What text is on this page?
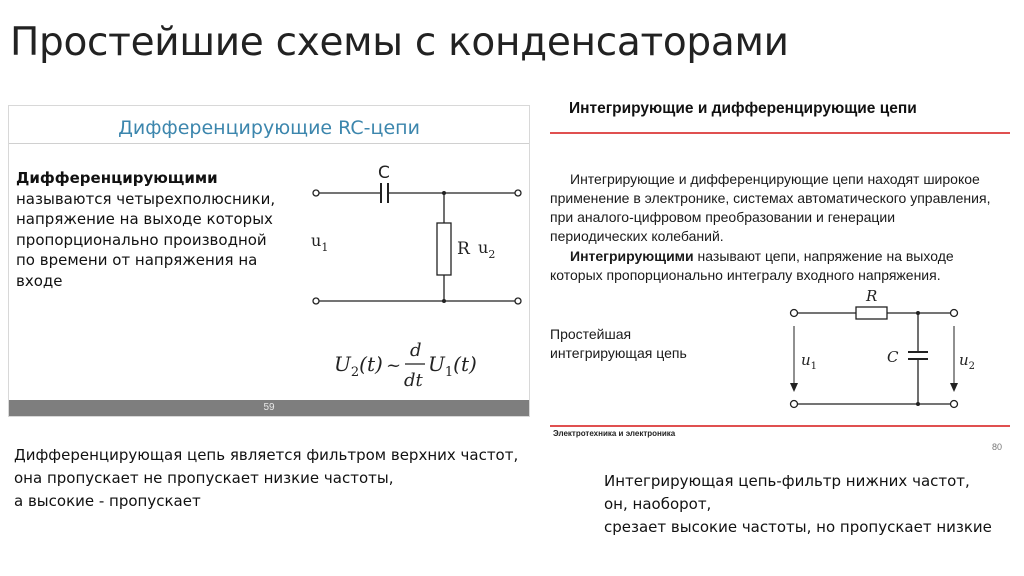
Простейшие схемы с конденсаторами
Дифференцирующие RC-цепи
Дифференцирующими называются четырехполюсники, напряжение на выходе которых пропорционально производной по времени от напряжения на входе
C
R
$u_1$	$u_2$
$U_2(t)$ ~
d
dt
$U_1(t)$
59
Интегрирующие и дифференцирующие цепи
Интегрирующие и дифференцирующие цепи находят широкое применение в электронике, системах автоматического управления, при аналого-цифровом преобразовании и генерации периодических колебаний.
Интегрирующими называют цепи, напряжение на выходе которых пропорционально интегралу входного напряжения.
Простейшая интегрирующая цепь
R
C
$u_1$	$u_2$
Электротехника и электроника
80
Дифференцирующая цепь является фильтром верхних частот,
она пропускает не пропускает низкие частоты,
а высокие - пропускает
Интегрирующая цепь-фильтр нижних частот,
он, наоборот,
срезает высокие частоты, но пропускает низкие
